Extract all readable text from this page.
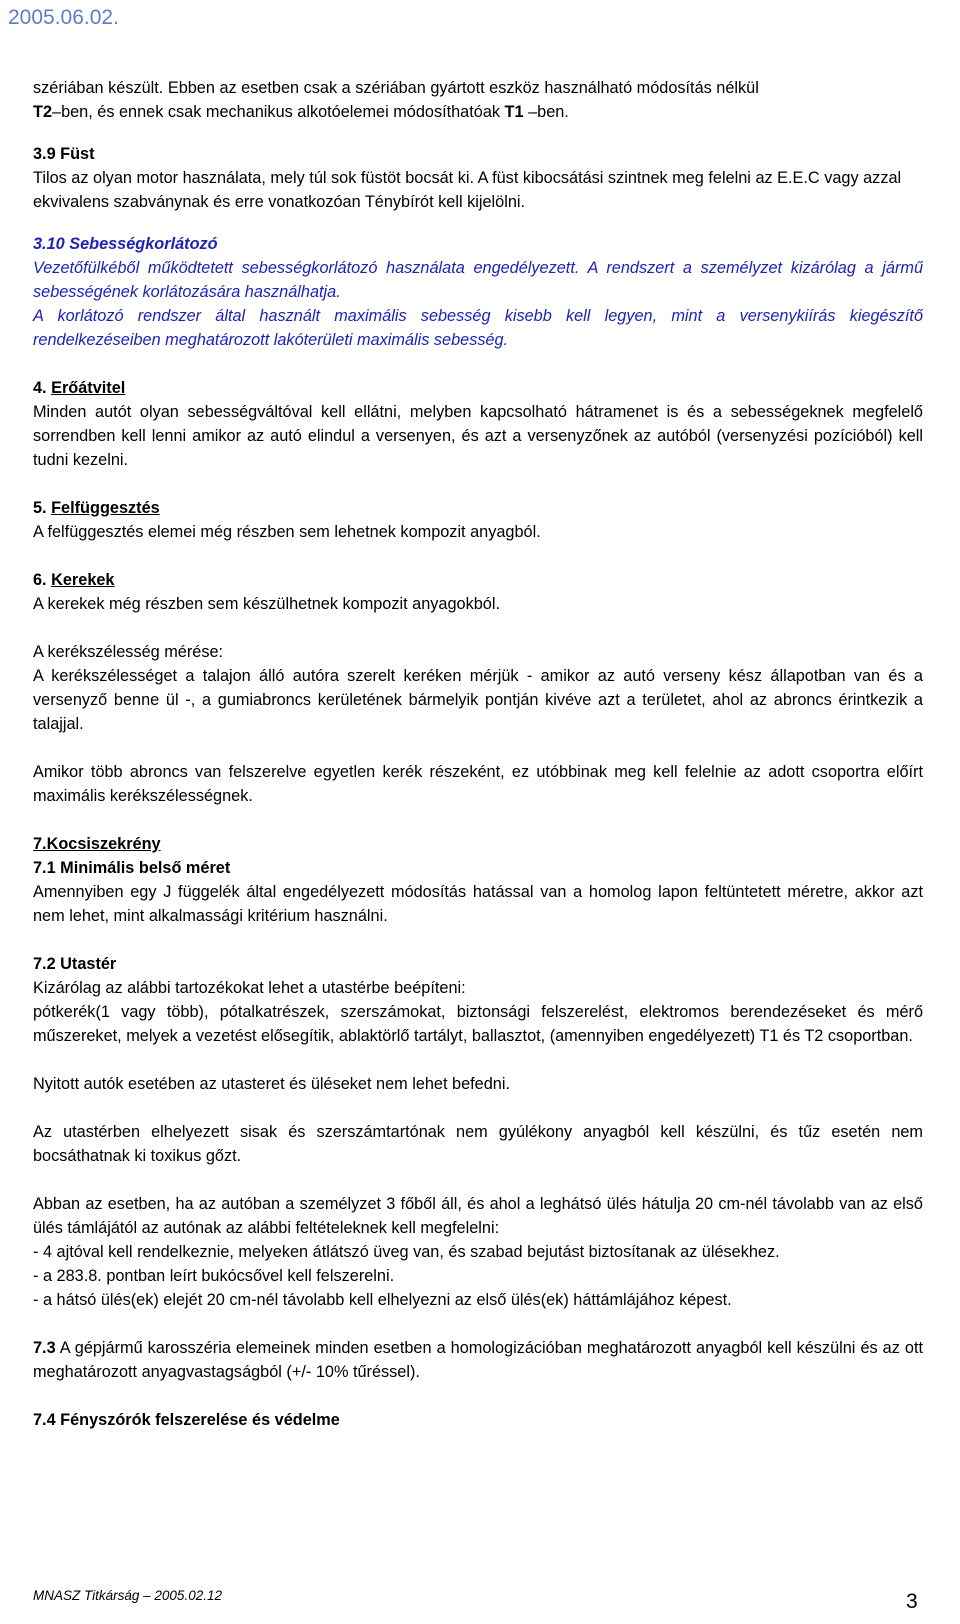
2005.06.02.

szériában készült. Ebben az esetben csak a szériában gyártott eszköz használható módosítás nélkül

T2–ben, és ennek csak mechanikus alkotóelemei módosíthatóak T1 –ben.

3.9 Füst

Tilos az olyan motor használata, mely túl sok füstöt bocsát ki. A füst kibocsátási szintnek meg felelni az E.E.C vagy azzal ekvivalens szabványnak és erre vonatkozóan Ténybírót kell kijelölni.

3.10 Sebességkorlátozó

Vezetőfülkéből működtetett sebességkorlátozó használata engedélyezett. A rendszert a személyzet kizárólag a jármű sebességének korlátozására használhatja.

A korlátozó rendszer által használt maximális sebesség kisebb kell legyen, mint a versenykiírás kiegészítő rendelkezéseiben meghatározott lakóterületi maximális sebesség.

4. Erőátvitel

Minden autót olyan sebességváltóval kell ellátni, melyben kapcsolható hátramenet is és a sebességeknek megfelelő sorrendben kell lenni amikor az autó elindul a versenyen, és azt a versenyzőnek az autóból (versenyzési pozícióból) kell tudni kezelni.

5. Felfüggesztés

A felfüggesztés elemei még részben sem lehetnek kompozit anyagból.

6. Kerekek

A kerekek még részben sem készülhetnek kompozit anyagokból.

A kerékszélesség mérése:

A kerékszélességet a talajon álló autóra szerelt keréken mérjük - amikor az autó verseny kész állapotban van és a versenyző benne ül -, a gumiabroncs kerületének bármelyik pontján kivéve azt a területet, ahol az abroncs érintkezik a talajjal.

Amikor több abroncs van felszerelve egyetlen kerék részeként, ez utóbbinak meg kell felelnie az adott csoportra előírt maximális kerékszélességnek.

7.Kocsiszekrény

7.1 Minimális belső méret

Amennyiben egy J függelék által engedélyezett módosítás hatással van a homolog lapon feltüntetett méretre, akkor azt nem lehet, mint alkalmassági kritérium használni.

7.2 Utastér

Kizárólag az alábbi tartozékokat lehet a utastérbe beépíteni:

pótkerék(1 vagy több), pótalkatrészek, szerszámokat, biztonsági felszerelést, elektromos berendezéseket és mérő műszereket, melyek a vezetést elősegítik, ablaktörlő tartályt, ballasztot, (amennyiben engedélyezett) T1 és T2 csoportban.

Nyitott autók esetében az utasteret és üléseket nem lehet befedni.

Az utastérben elhelyezett sisak és szerszámtartónak nem gyúlékony anyagból kell készülni, és tűz esetén nem bocsáthatnak ki toxikus gőzt.

Abban az esetben, ha az autóban a személyzet 3 főből áll, és ahol a leghátsó ülés hátulja 20 cm-nél távolabb van az első ülés támlájától az autónak az alábbi feltételeknek kell megfelelni:

- 4 ajtóval kell rendelkeznie, melyeken átlátszó üveg van, és szabad bejutást biztosítanak az ülésekhez.

- a 283.8. pontban leírt bukócsővel kell felszerelni.

- a hátsó ülés(ek) elejét 20 cm-nél távolabb kell elhelyezni az első ülés(ek) háttámlájához képest.

7.3 A gépjármű karosszéria elemeinek minden esetben a homologizációban meghatározott anyagból kell készülni és az ott meghatározott anyagvastagságból (+/- 10% tűréssel).

7.4 Fényszórók felszerelése és védelme

MNASZ Titkárság – 2005.02.12	3
